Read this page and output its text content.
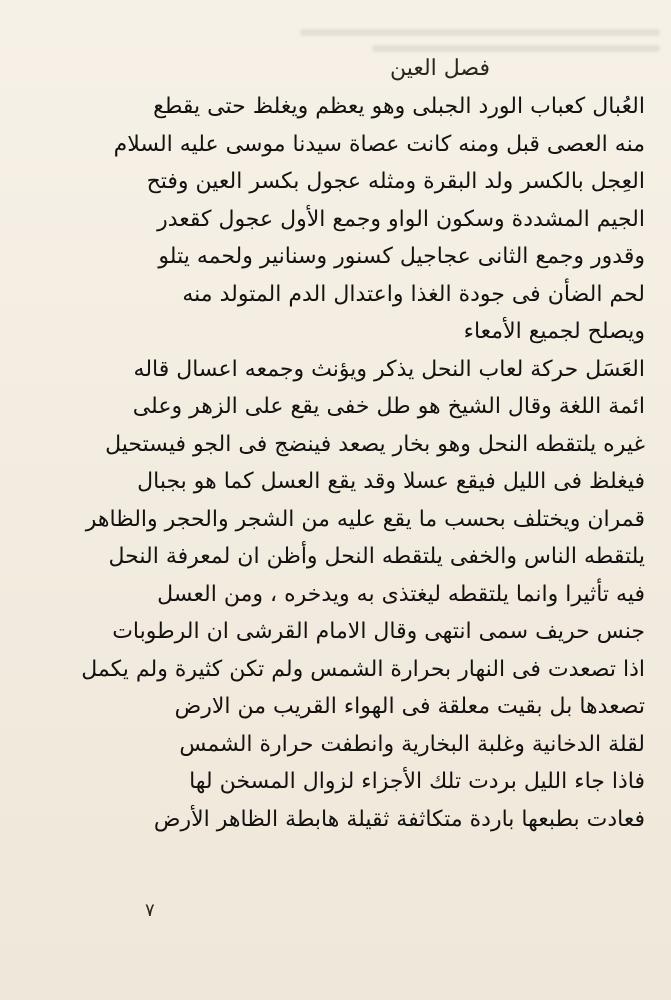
فصل العين
العُبال كعباب الورد الجبلى وهو يعظم ويغلظ حتى يقطع
منه العصى قبل ومنه كانت عصاة سيدنا موسى عليه السلام
العِجل بالكسر ولد البقرة ومثله عجول بكسر العين وفتح
الجيم المشددة وسكون الواو وجمع الأول عجول كقعدر
وقدور وجمع الثانى عجاجيل كسنور وسنانير ولحمه يتلو
لحم الضأن فى جودة الغذا واعتدال الدم المتولد منه
ويصلح لجميع الأمعاء
العَسَل حركة لعاب النحل يذكر ويؤنث وجمعه اعسال قاله
ائمة اللغة وقال الشيخ هو طل خفى يقع على الزهر وعلى
غيره يلتقطه النحل وهو بخار يصعد فينضج فى الجو فيستحيل
فيغلظ فى الليل فيقع عسلا وقد يقع العسل كما هو بجبال
قمران ويختلف بحسب ما يقع عليه من الشجر والحجر والظاهر
يلتقطه الناس والخفى يلتقطه النحل وأظن ان لمعرفة النحل
فيه تأثيرا وانما يلتقطه ليغتذى به ويدخره ، ومن العسل
جنس حريف سمى انتهى وقال الامام القرشى ان الرطوبات
اذا تصعدت فى النهار بحرارة الشمس ولم تكن كثيرة ولم يكمل
تصعدها بل بقيت معلقة فى الهواء القريب من الارض
لقلة الدخانية وغلبة البخارية وانطفت حرارة الشمس
فاذا جاء الليل بردت تلك الأجزاء لزوال المسخن لها
فعادت بطبعها باردة متكاثفة ثقيلة هابطة الظاهر الأرض
٧
